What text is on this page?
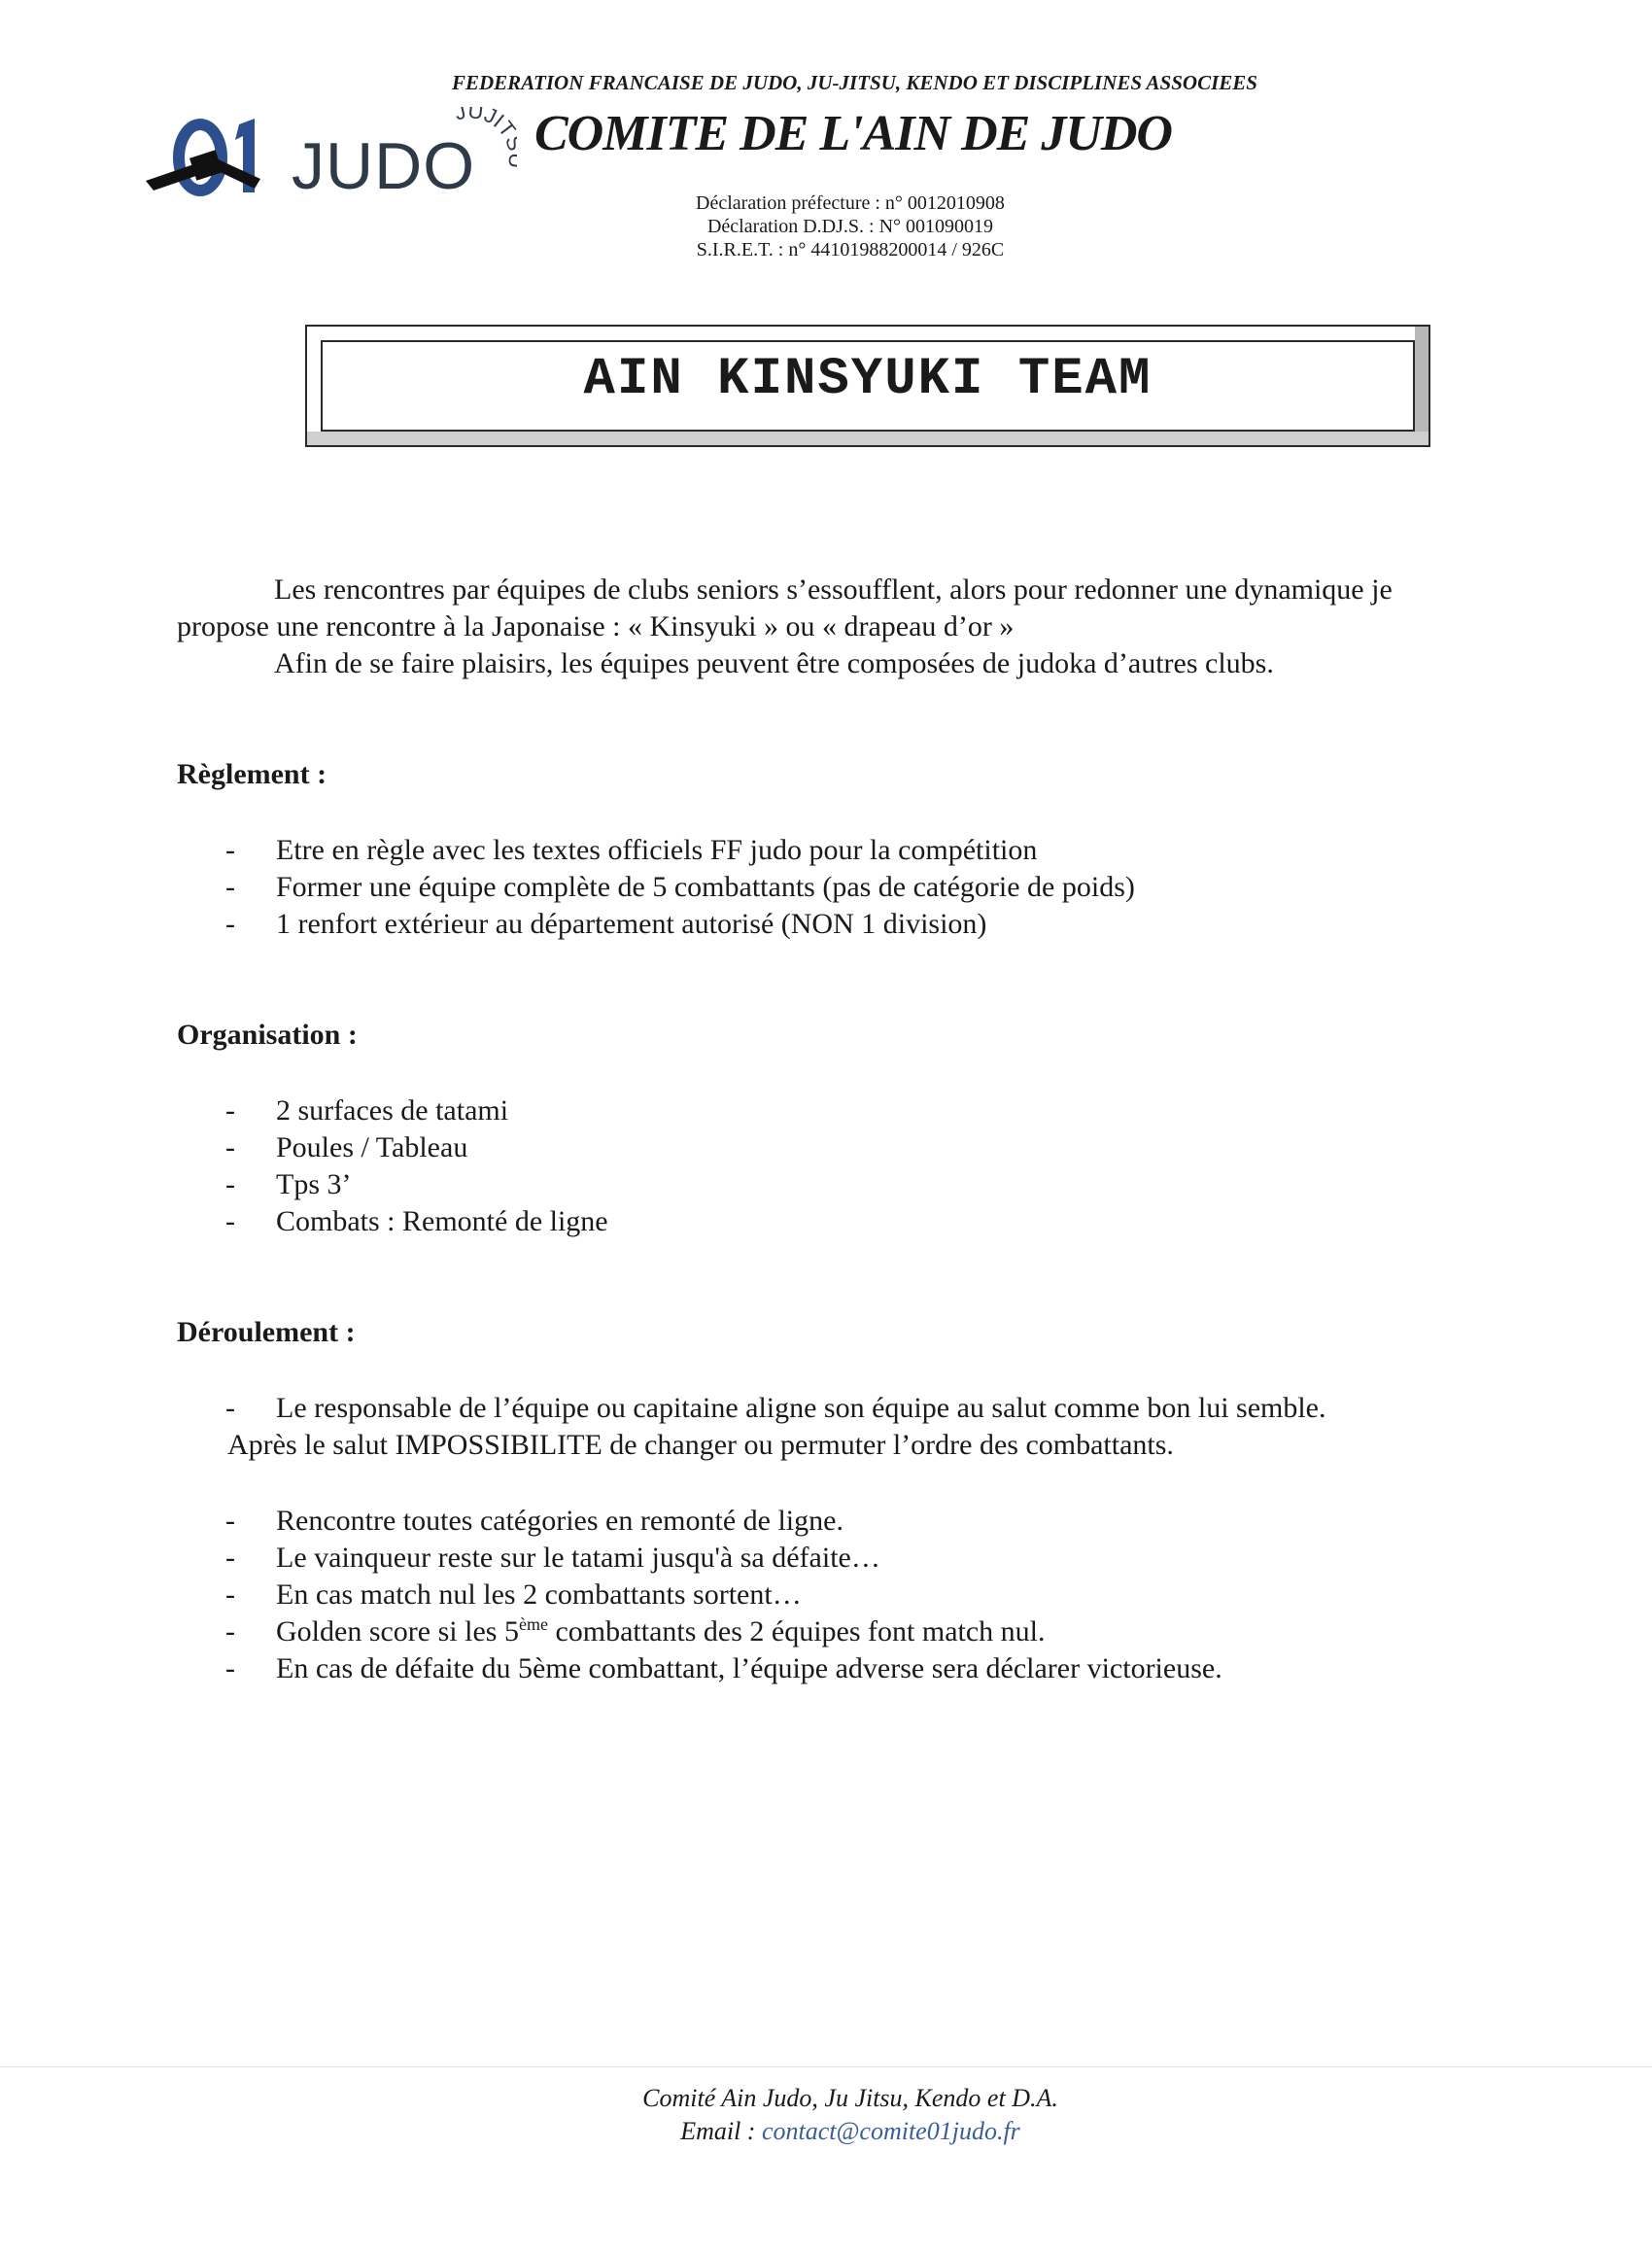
FEDERATION FRANCAISE DE JUDO, JU-JITSU, KENDO ET DISCIPLINES ASSOCIEES
JUDO
JUJI COMITE DE L'AIN DE JUDO
Déclaration préfecture : n° 0012010908
Déclaration D.DJ.S. : N° 001090019
S.I.R.E.T. : n° 44101988200014 / 926C
AIN KINSYUKI TEAM
Les rencontres par équipes de clubs seniors s’essoufflent, alors pour redonner une dynamique je
propose une rencontre à la Japonaise : « Kinsyuki » ou « drapeau d’or »
Afin de se faire plaisirs, les équipes peuvent être composées de judoka d’autres clubs.
Règlement :
- Etre en règle avec les textes officiels FF judo pour la compétition
- Former une équipe complète de 5 combattants (pas de catégorie de poids)
- 1 renfort extérieur au département autorisé (NON 1 division)
Organisation :
- 2 surfaces de tatami
- Poules / Tableau
- Tps 3’
- Combats : Remonté de ligne
Déroulement :
- Le responsable de l’équipe ou capitaine aligne son équipe au salut comme bon lui semble.
Après le salut IMPOSSIBILITE de changer ou permuter l’ordre des combattants.
- Rencontre toutes catégories en remonté de ligne.
- Le vainqueur reste sur le tatami jusqu'à sa défaite…
- En cas match nul les 2 combattants sortent…
- Golden score si les 5ème combattants des 2 équipes font match nul.
- En cas de défaite du 5ème combattant, l’équipe adverse sera déclarer victorieuse.
Comité Ain Judo, Ju Jitsu, Kendo et D.A.
Email : contact@comite01judo.fr
